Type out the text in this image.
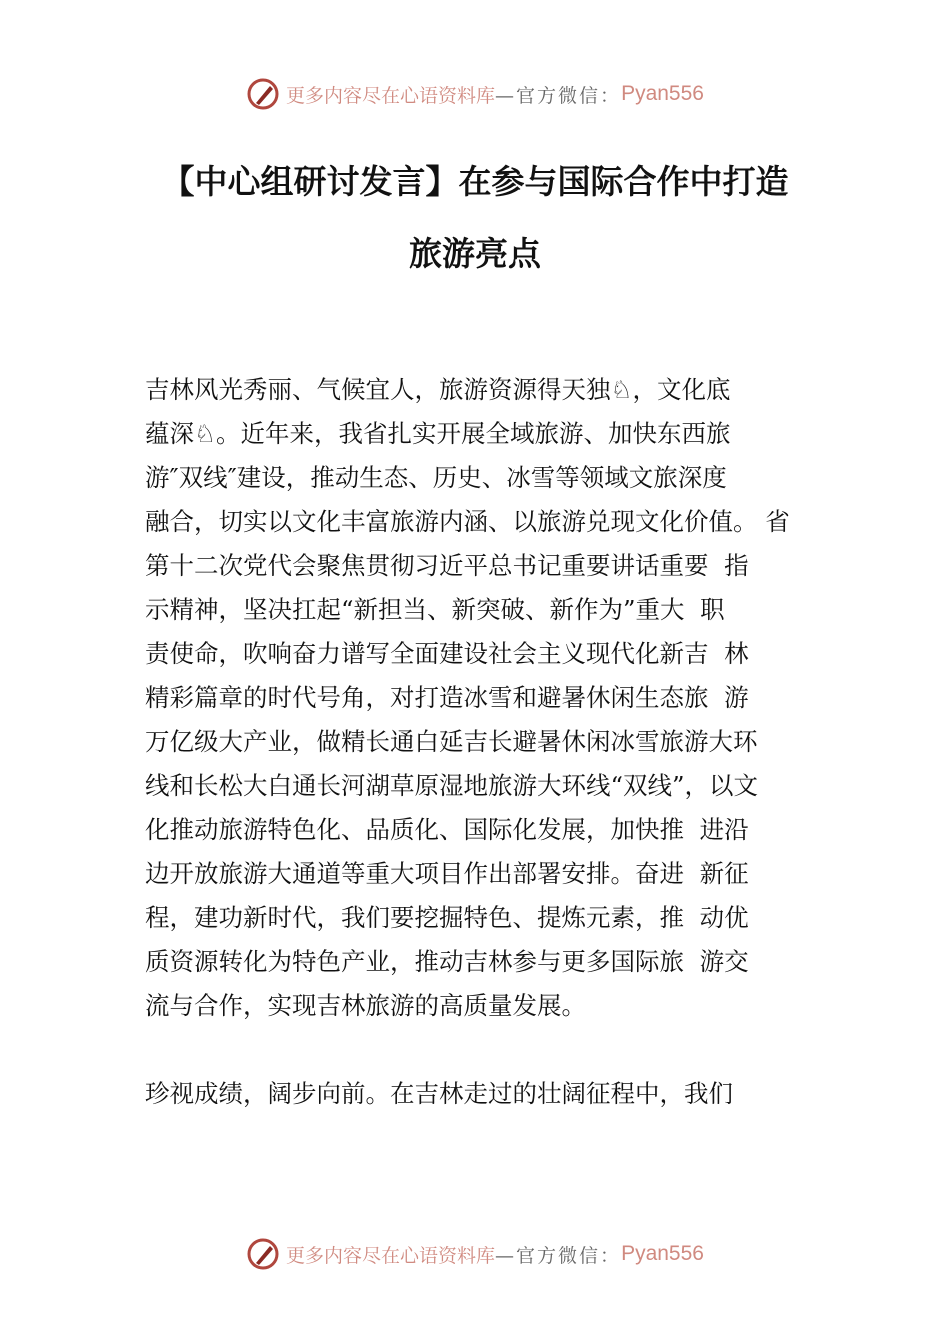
更多内容尽在心语资料库 —官方微信： Pyan556
【中心组研讨发言】在参与国际合作中打造
旅游亮点
吉林风光秀丽、气候宜人，旅游资源得天独♘，文化底
蕴深♘。近年来，我省扎实开展全域旅游、加快东西旅
游″双线″建设，推动生态、历史、冰雪等领域文旅深度
融合，切实以文化丰富旅游内涵、以旅游兑现文化价值。 省
第十二次党代会聚焦贯彻习近平总书记重要讲话重要  指
示精神，坚决扛起“新担当、新突破、新作为”重大  职
责使命，吹响奋力谱写全面建设社会主义现代化新吉  林
精彩篇章的时代号角，对打造冰雪和避暑休闲生态旅  游
万亿级大产业，做精长通白延吉长避暑休闲冰雪旅游大环
线和长松大白通长河湖草原湿地旅游大环线“双线”，以文
化推动旅游特色化、品质化、国际化发展，加快推  进沿
边开放旅游大通道等重大项目作出部署安排。奋进  新征
程，建功新时代，我们要挖掘特色、提炼元素，推  动优
质资源转化为特色产业，推动吉林参与更多国际旅  游交
流与合作，实现吉林旅游的高质量发展。
珍视成绩，阔步向前。在吉林走过的壮阔征程中，我们
更多内容尽在心语资料库 —官方微信： Pyan556
